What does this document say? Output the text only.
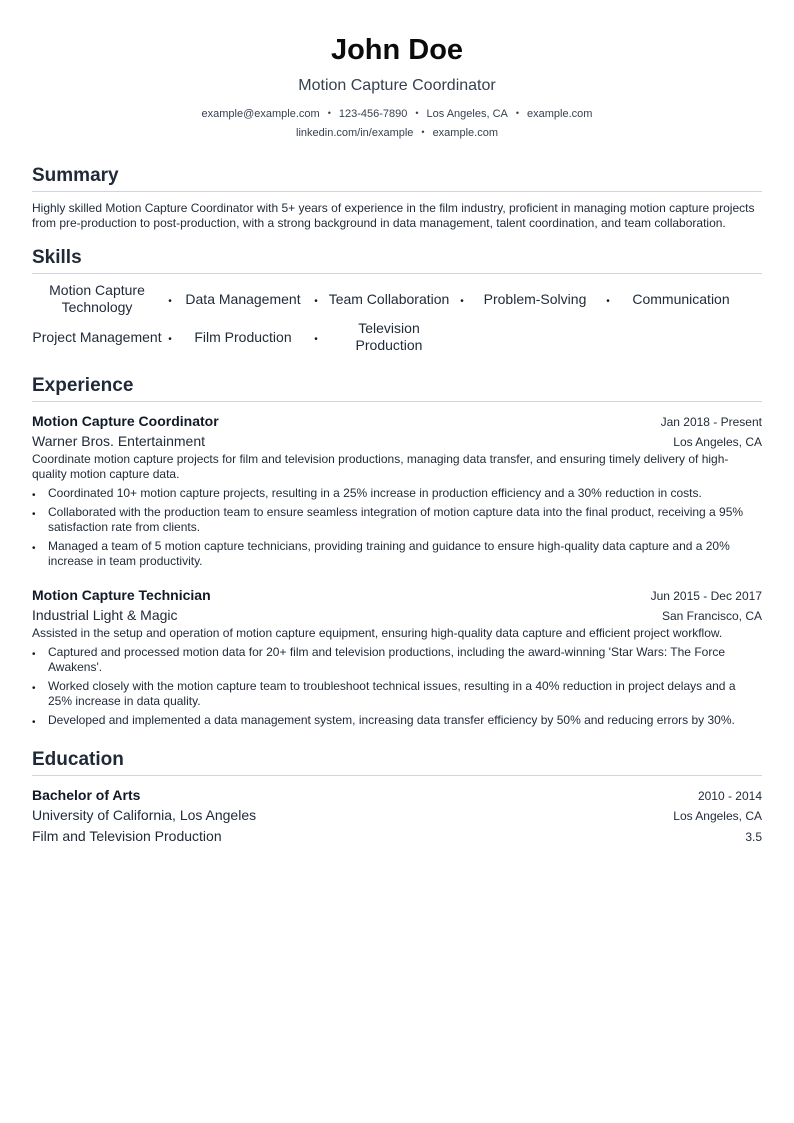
John Doe
Motion Capture Coordinator
example@example.com • 123-456-7890 • Los Angeles, CA • example.com
linkedin.com/in/example • example.com
Summary
Highly skilled Motion Capture Coordinator with 5+ years of experience in the film industry, proficient in managing motion capture projects from pre-production to post-production, with a strong background in data management, talent coordination, and team collaboration.
Skills
Motion Capture Technology	• Data Management	• Team Collaboration	•	Problem-Solving	•	Communication
Project Management •	Film Production	•
Television Production
Experience
Motion Capture Coordinator	Jan 2018 - Present
Warner Bros. Entertainment	Los Angeles, CA
Coordinate motion capture projects for film and television productions, managing data transfer, and ensuring timely delivery of high-quality motion capture data.
• Coordinated 10+ motion capture projects, resulting in a 25% increase in production efficiency and a 30% reduction in costs.
• Collaborated with the production team to ensure seamless integration of motion capture data into the final product, receiving a 95% satisfaction rate from clients.
• Managed a team of 5 motion capture technicians, providing training and guidance to ensure high-quality data capture and a 20% increase in team productivity.
Motion Capture Technician	Jun 2015 - Dec 2017
Industrial Light & Magic	San Francisco, CA
Assisted in the setup and operation of motion capture equipment, ensuring high-quality data capture and efficient project workflow.
• Captured and processed motion data for 20+ film and television productions, including the award-winning 'Star Wars: The Force Awakens'.
• Worked closely with the motion capture team to troubleshoot technical issues, resulting in a 40% reduction in project delays and a 25% increase in data quality.
• Developed and implemented a data management system, increasing data transfer efficiency by 50% and reducing errors by 30%.
Education
Bachelor of Arts	2010 - 2014
University of California, Los Angeles	Los Angeles, CA
Film and Television Production	3.5
